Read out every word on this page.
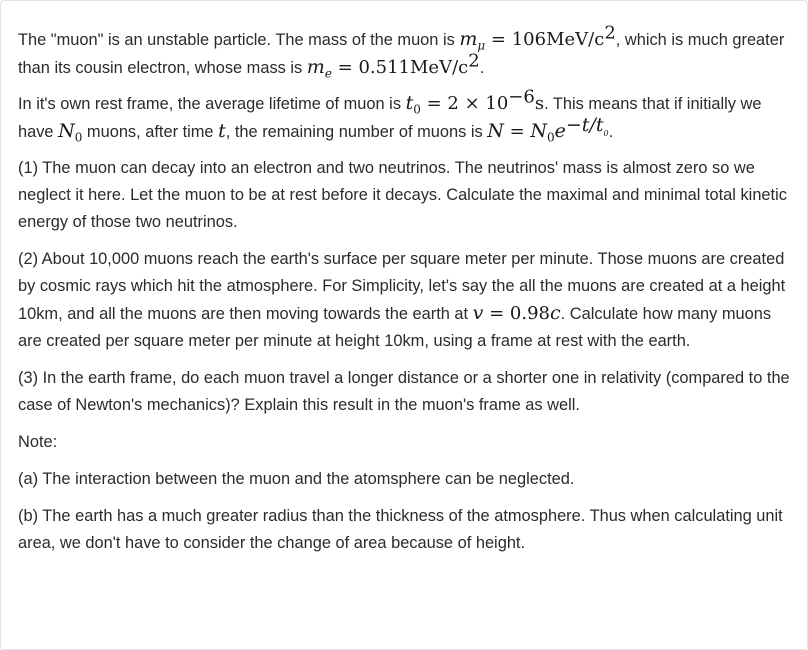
The "muon" is an unstable particle. The mass of the muon is $m_\mu = 106MeV/c^2$, which is much greater than its cousin electron, whose mass is $m_e = 0.511MeV/c^2$.

In it's own rest frame, the average lifetime of muon is $t_0 = 2 \times 10^{-6}s$. This means that if initially we have $N_0$ muons, after time t, the remaining number of muons is $N = N_0e^{-t/t_0}$.

(1) The muon can decay into an electron and two neutrinos. The neutrinos' mass is almost zero so we neglect it here. Let the muon to be at rest before it decays. Calculate the maximal and minimal total kinetic energy of those two neutrinos.

(2) About 10,000 muons reach the earth's surface per square meter per minute. Those muons are created by cosmic rays which hit the atmosphere. For Simplicity, let's say the all the muons are created at a height 10km, and all the muons are then moving towards the earth at v = 0.98c. Calculate how many muons are created per square meter per minute at height 10km, using a frame at rest with the earth.

(3) In the earth frame, do each muon travel a longer distance or a shorter one in relativity (compared to the case of Newton's mechanics)? Explain this result in the muon's frame as well.

Note:

(a) The interaction between the muon and the atomsphere can be neglected.

(b) The earth has a much greater radius than the thickness of the atmosphere. Thus when calculating unit area, we don't have to consider the change of area because of height.
